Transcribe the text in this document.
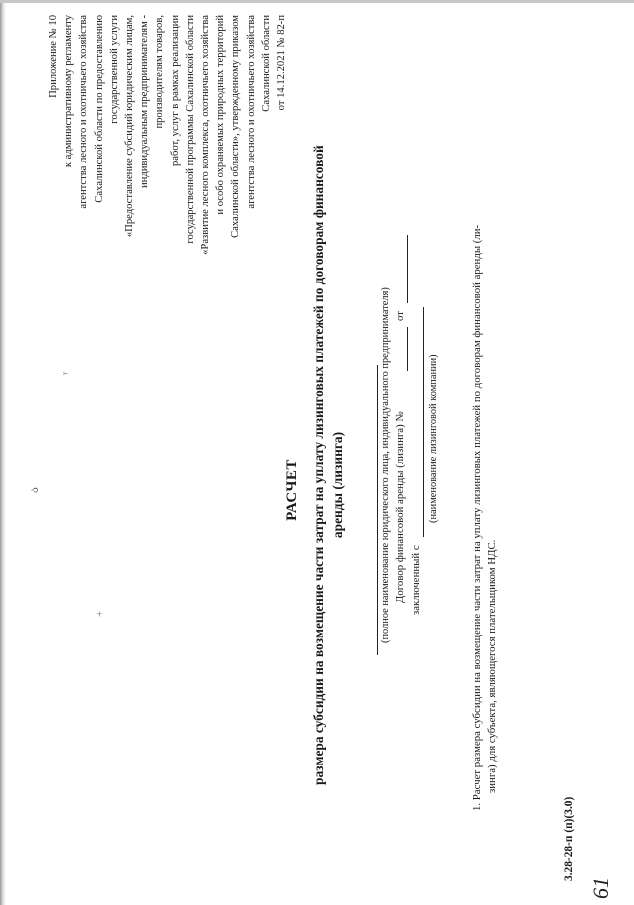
Приложение № 10 к административному регламенту агентства лесного и охотничьего хозяйства Сахалинской области по предоставлению государственной услуги «Предоставление субсидий юридическим лицам, индивидуальным предпринимателям - производителям товаров, работ, услуг в рамках реализации государственной программы Сахалинской области «Развитие лесного комплекса, охотничьего хозяйства и особо охраняемых природных территорий Сахалинской области», утвержденному приказом агентства лесного и охотничьего хозяйства Сахалинской области от 14.12.2021 № 82-п
РАСЧЕТ размера субсидии на возмещение части затрат на уплату лизинговых платежей по договорам финансовой аренды (лизинга)	(полное наименование юридического лица, индивидуального предпринимателя) Договор финансовой аренды (лизинга) №
от
заключенный с
(наименование лизинговой компании)	1. Расчет размера субсидии на возмещение части затрат на уплату лизинговых платежей по договорам финансовой аренды (ли- зинга) для субъекта, являющегося плательщиком НДС.
3.28-28-п (п)(3.0)
+
ა
ᵞ
61
